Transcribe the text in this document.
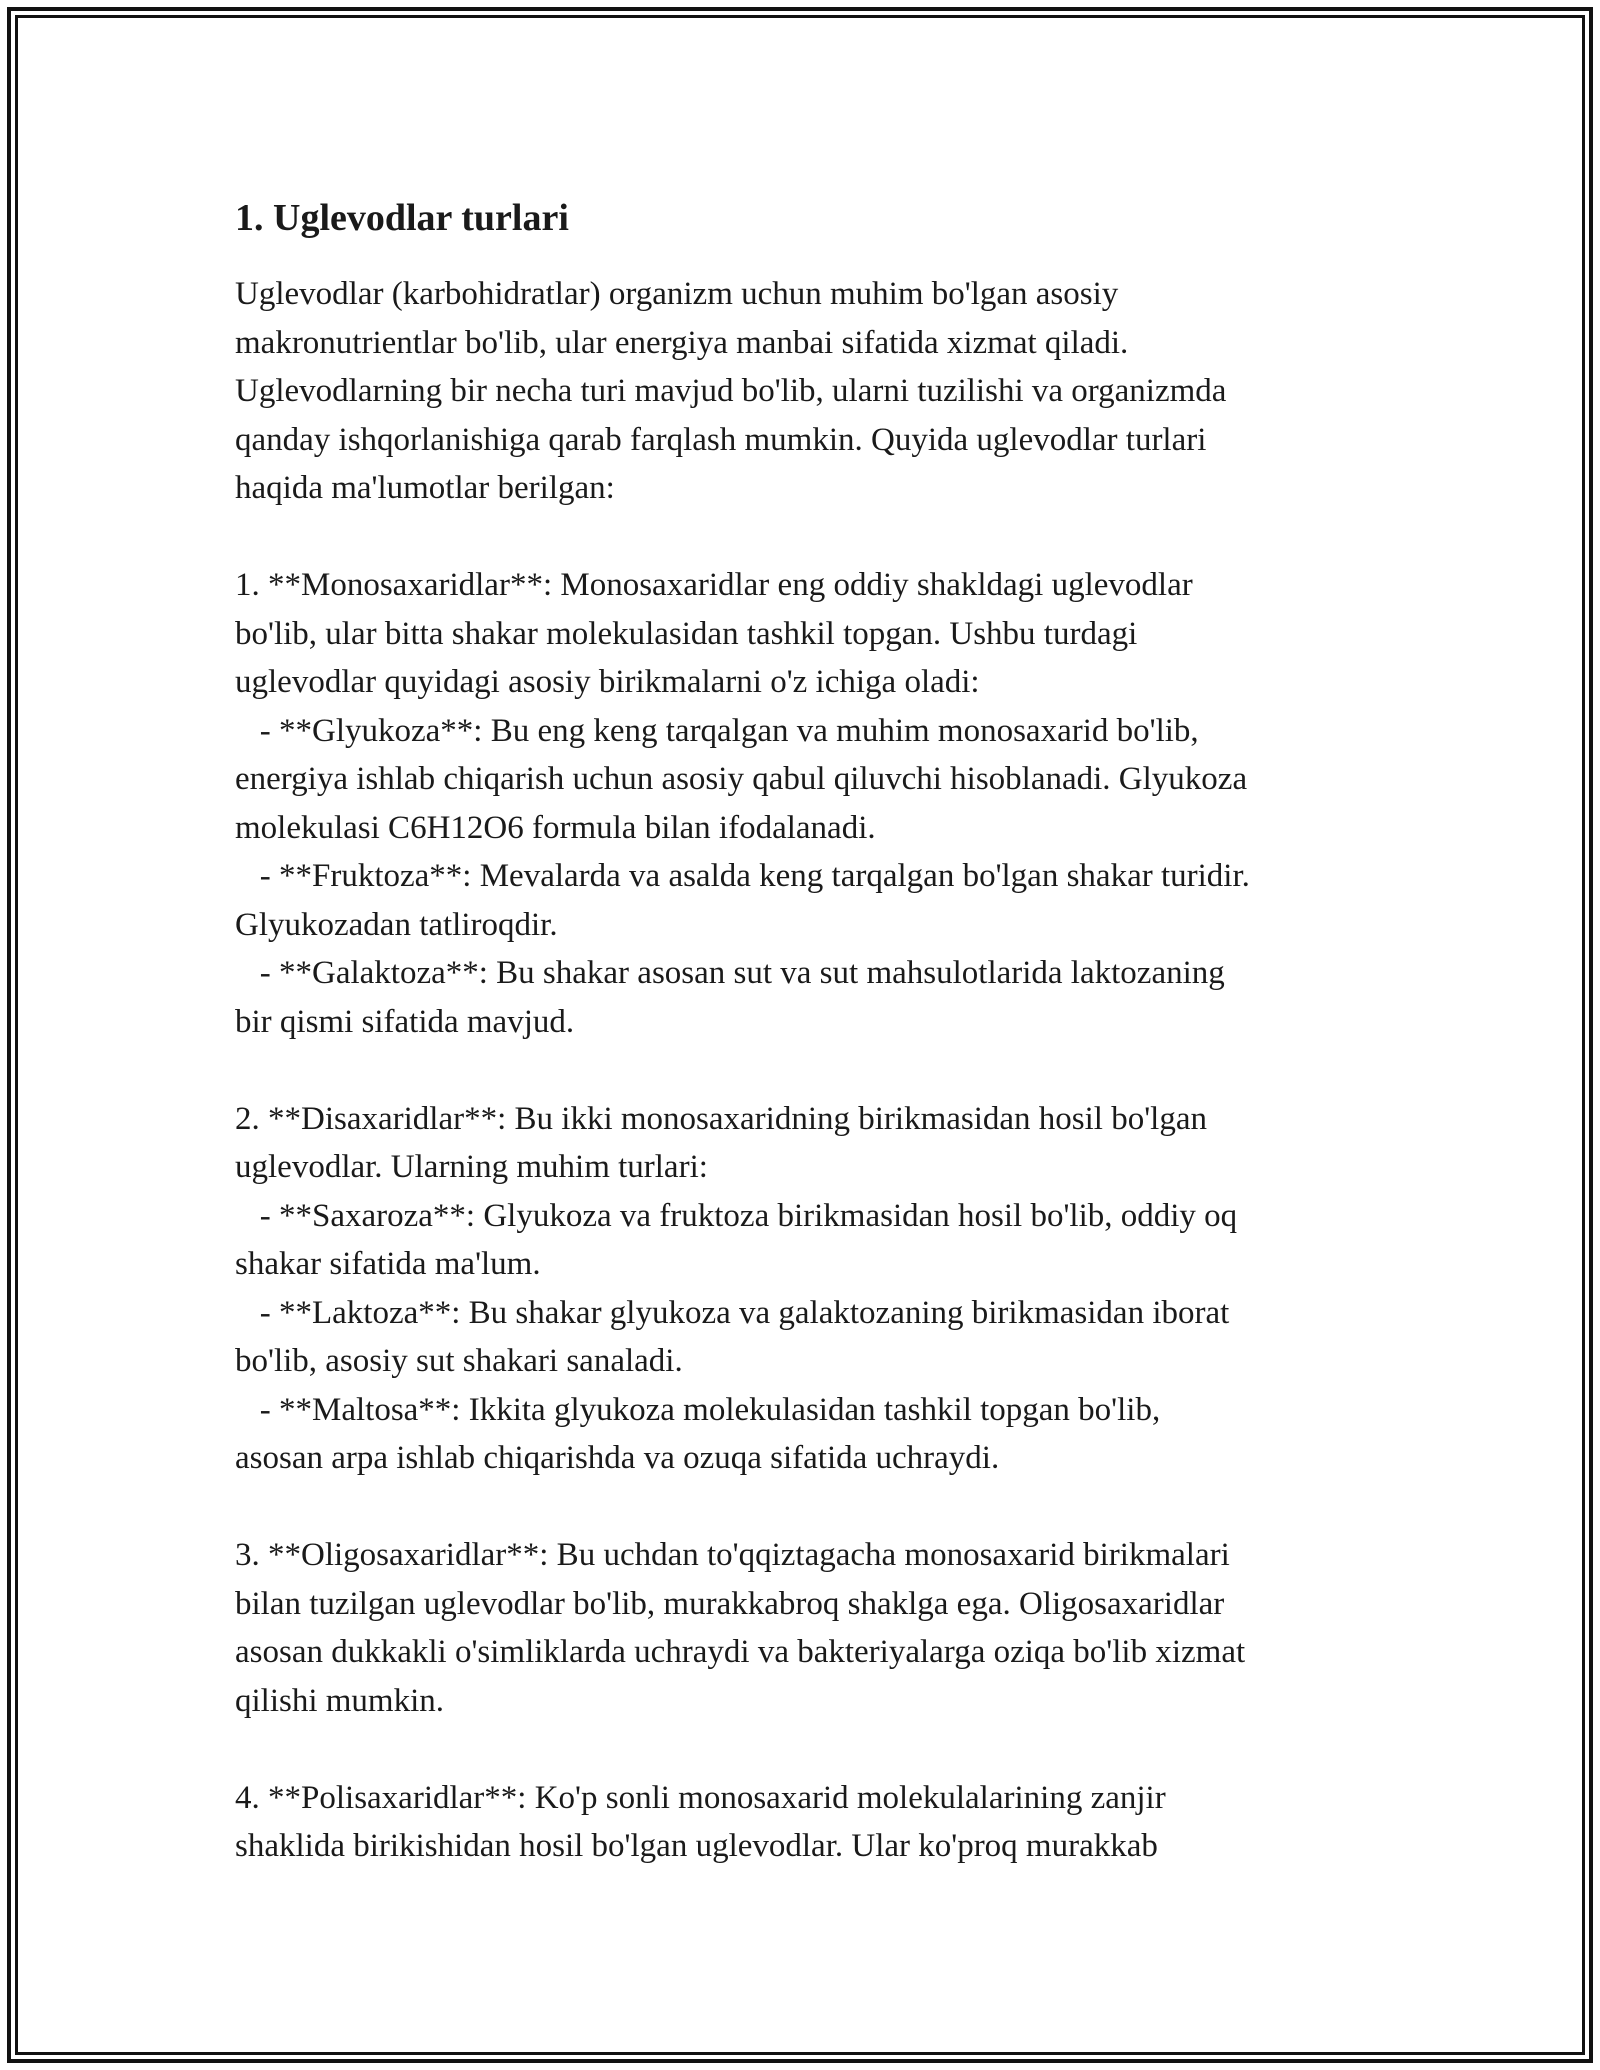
1. Uglevodlar turlari
Uglevodlar (karbohidratlar) organizm uchun muhim bo'lgan asosiy
makronutrientlar bo'lib, ular energiya manbai sifatida xizmat qiladi.
Uglevodlarning bir necha turi mavjud bo'lib, ularni tuzilishi va organizmda
qanday ishqorlanishiga qarab farqlash mumkin. Quyida uglevodlar turlari
haqida ma'lumotlar berilgan:

1. **Monosaxaridlar**: Monosaxaridlar eng oddiy shakldagi uglevodlar
bo'lib, ular bitta shakar molekulasidan tashkil topgan. Ushbu turdagi
uglevodlar quyidagi asosiy birikmalarni o'z ichiga oladi:
- **Glyukoza**: Bu eng keng tarqalgan va muhim monosaxarid bo'lib,
energiya ishlab chiqarish uchun asosiy qabul qiluvchi hisoblanadi. Glyukoza
molekulasi C6H12O6 formula bilan ifodalanadi.
- **Fruktoza**: Mevalarda va asalda keng tarqalgan bo'lgan shakar turidir.
Glyukozadan tatliroqdir.
- **Galaktoza**: Bu shakar asosan sut va sut mahsulotlarida laktozaning
bir qismi sifatida mavjud.

2. **Disaxaridlar**: Bu ikki monosaxaridning birikmasidan hosil bo'lgan
uglevodlar. Ularning muhim turlari:
- **Saxaroza**: Glyukoza va fruktoza birikmasidan hosil bo'lib, oddiy oq
shakar sifatida ma'lum.
- **Laktoza**: Bu shakar glyukoza va galaktozaning birikmasidan iborat
bo'lib, asosiy sut shakari sanaladi.
- **Maltosa**: Ikkita glyukoza molekulasidan tashkil topgan bo'lib,
asosan arpa ishlab chiqarishda va ozuqa sifatida uchraydi.

3. **Oligosaxaridlar**: Bu uchdan to'qqiztagacha monosaxarid birikmalari
bilan tuzilgan uglevodlar bo'lib, murakkabroq shaklga ega. Oligosaxaridlar
asosan dukkakli o'simliklarda uchraydi va bakteriyalarga oziqa bo'lib xizmat
qilishi mumkin.

4. **Polisaxaridlar**: Ko'p sonli monosaxarid molekulalarining zanjir
shaklida birikishidan hosil bo'lgan uglevodlar. Ular ko'proq murakkab
